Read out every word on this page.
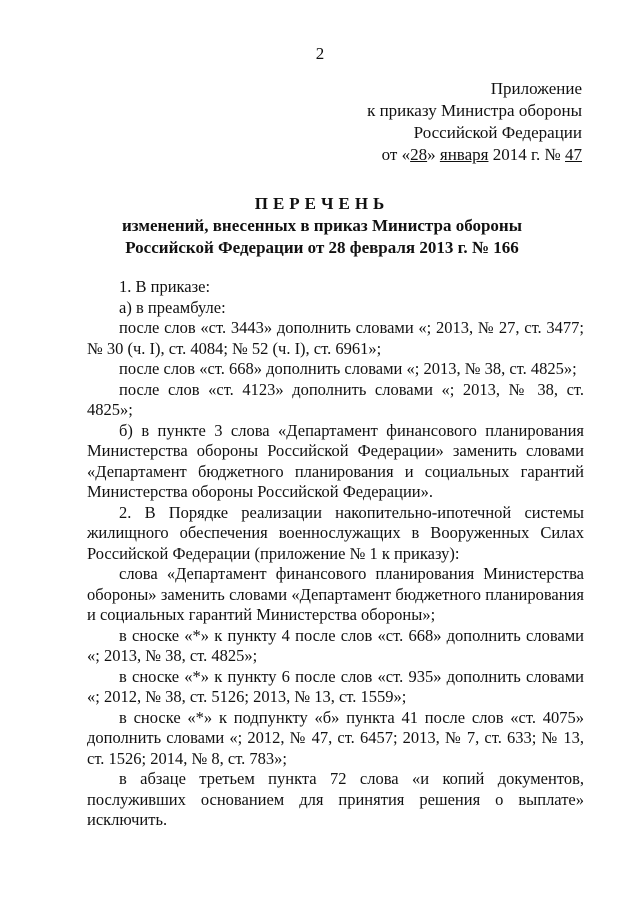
2
Приложение
к приказу Министра обороны
Российской Федерации
от «28» января 2014 г. № 47
ПЕРЕЧЕНЬ
изменений, внесенных в приказ Министра обороны
Российской Федерации от 28 февраля 2013 г. № 166

1. В приказе:

а) в преамбуле:

после слов «ст. 3443» дополнить словами «; 2013, № 27, ст. 3477; № 30 (ч. I), ст. 4084; № 52 (ч. I), ст. 6961»;

после слов «ст. 668» дополнить словами «; 2013, № 38, ст. 4825»;

после слов «ст. 4123» дополнить словами «; 2013, № 38, ст. 4825»;

б) в пункте 3 слова «Департамент финансового планирования Министерства обороны Российской Федерации» заменить словами «Департамент бюджетного планирования и социальных гарантий Министерства обороны Российской Федерации».

2. В Порядке реализации накопительно-ипотечной системы жилищного обеспечения военнослужащих в Вооруженных Силах Российской Федерации (приложение № 1 к приказу):

слова «Департамент финансового планирования Министерства обороны» заменить словами «Департамент бюджетного планирования и социальных гарантий Министерства обороны»;

в сноске «*» к пункту 4 после слов «ст. 668» дополнить словами «; 2013, № 38, ст. 4825»;

в сноске «*» к пункту 6 после слов «ст. 935» дополнить словами «; 2012, № 38, ст. 5126; 2013, № 13, ст. 1559»;

в сноске «*» к подпункту «б» пункта 41 после слов «ст. 4075» дополнить словами «; 2012, № 47, ст. 6457; 2013, № 7, ст. 633; № 13, ст. 1526; 2014, № 8, ст. 783»;

в абзаце третьем пункта 72 слова «и копий документов, послуживших основанием для принятия решения о выплате» исключить.
